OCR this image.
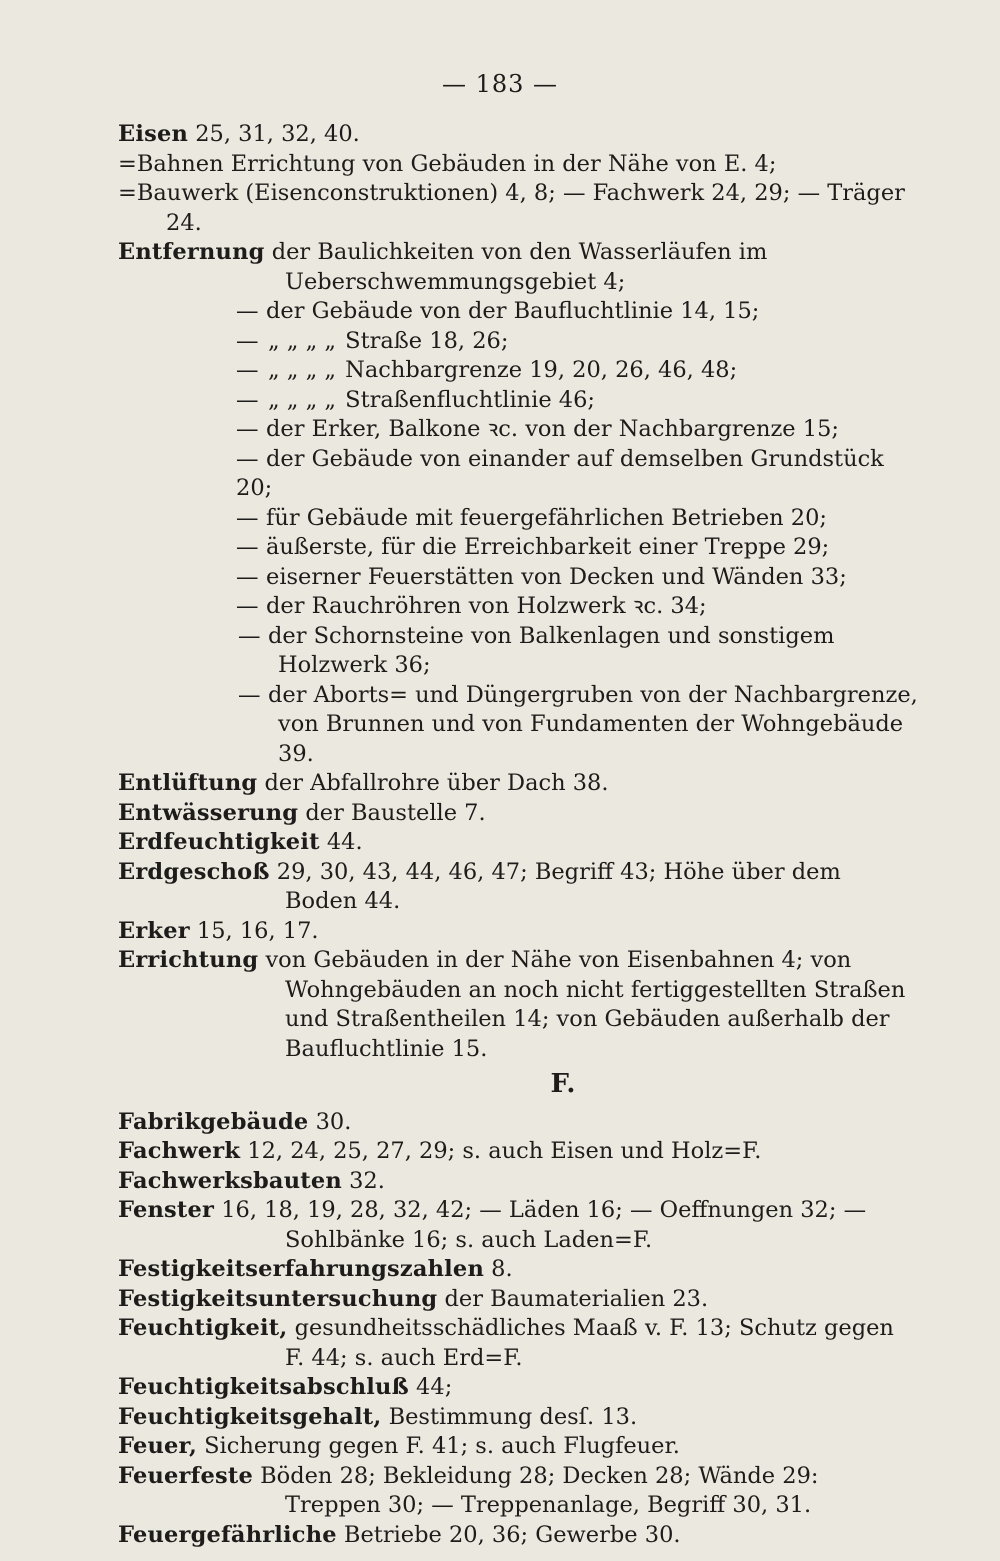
— 183 —

Eisen 25, 31, 32, 40.

=Bahnen Errichtung von Gebäuden in der Nähe von E. 4;

=Bauwerk (Eisenconstruktionen) 4, 8; — Fachwerk 24, 29; — Träger 24.

Entfernung der Baulichkeiten von den Wasserläufen im Ueberschwemmungsgebiet 4;

— der Gebäude von der Baufluchtlinie 14, 15;

— „ „ „ „ Straße 18, 26;

— „ „ „ „ Nachbargrenze 19, 20, 26, 46, 48;

— „ „ „ „ Straßenfluchtlinie 46;

— der Erker, Balkone ꝛc. von der Nachbargrenze 15;

— der Gebäude von einander auf demselben Grundstück 20;

— für Gebäude mit feuergefährlichen Betrieben 20;

— äußerste, für die Erreichbarkeit einer Treppe 29;

— eiserner Feuerstätten von Decken und Wänden 33;

— der Rauchröhren von Holzwerk ꝛc. 34;

— der Schornsteine von Balkenlagen und sonstigem Holzwerk 36;

— der Aborts= und Düngergruben von der Nachbargrenze, von Brunnen und von Fundamenten der Wohngebäude 39.

Entlüftung der Abfallrohre über Dach 38.

Entwässerung der Baustelle 7.

Erdfeuchtigkeit 44.

Erdgeschoß 29, 30, 43, 44, 46, 47; Begriff 43; Höhe über dem Boden 44.

Erker 15, 16, 17.

Errichtung von Gebäuden in der Nähe von Eisenbahnen 4; von Wohngebäuden an noch nicht fertiggestellten Straßen und Straßentheilen 14; von Gebäuden außerhalb der Baufluchtlinie 15.

F.

Fabrikgebäude 30.

Fachwerk 12, 24, 25, 27, 29; s. auch Eisen und Holz=F.

Fachwerksbauten 32.

Fenster 16, 18, 19, 28, 32, 42; — Läden 16; — Oeffnungen 32; — Sohlbänke 16; s. auch Laden=F.

Festigkeitserfahrungszahlen 8.

Festigkeitsuntersuchung der Baumaterialien 23.

Feuchtigkeit, gesundheitsschädliches Maaß v. F. 13; Schutz gegen F. 44; s. auch Erd=F.

Feuchtigkeitsabschluß 44;

Feuchtigkeitsgehalt, Bestimmung desſ. 13.

Feuer, Sicherung gegen F. 41; s. auch Flugfeuer.

Feuerfeste Böden 28; Bekleidung 28; Decken 28; Wände 29: Treppen 30; — Treppenanlage, Begriff 30, 31.

Feuergefährliche Betriebe 20, 36; Gewerbe 30.
